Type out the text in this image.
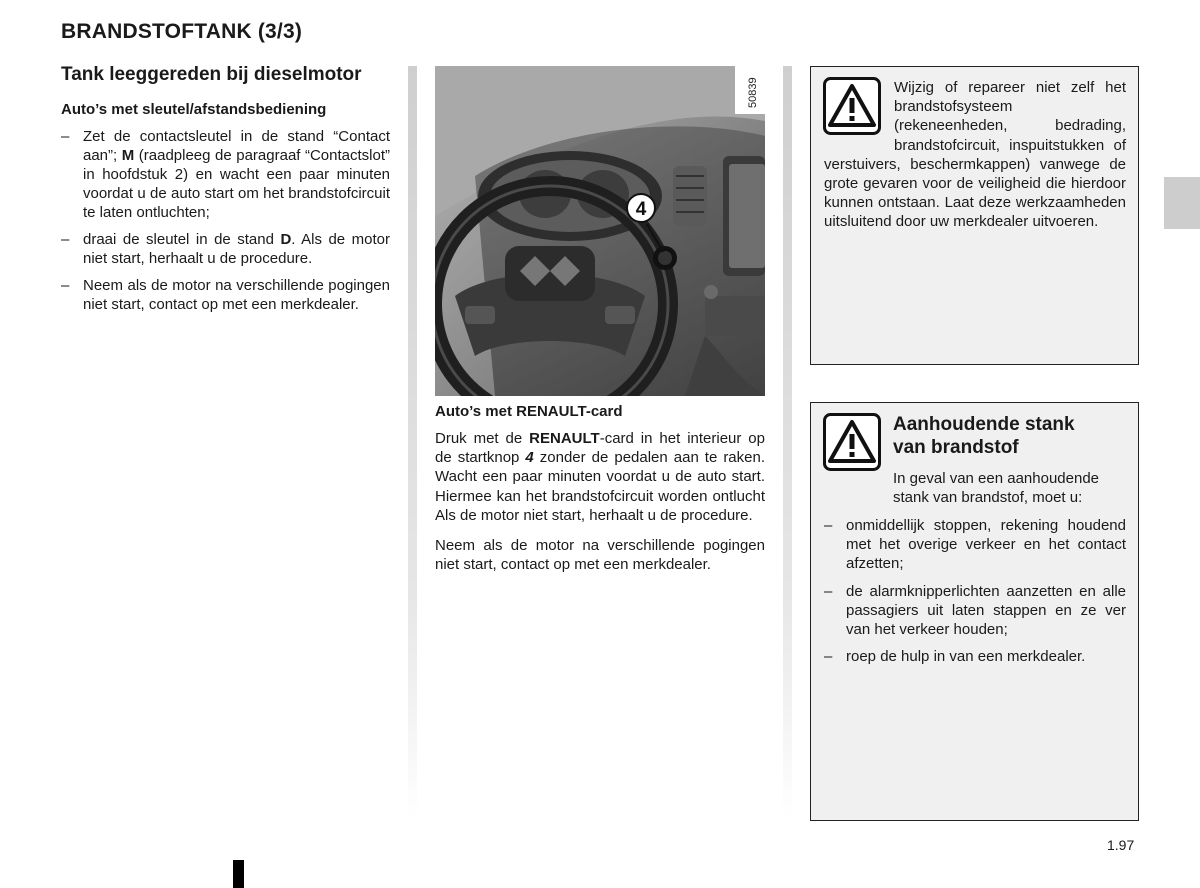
BRANDSTOFTANK (3/3)
Tank leeggereden bij dieselmotor
Auto’s met sleutel/afstandsbediening
– Zet de contactsleutel in de stand “Contact aan”; M (raadpleeg de paragraaf “Contactslot” in hoofdstuk 2) en wacht een paar minuten voordat u de auto start om het brandstofcircuit te laten ontluchten;
– draai de sleutel in de stand D. Als de motor niet start, herhaalt u de procedure.
– Neem als de motor na verschillende pogingen niet start, contact op met een merkdealer.
4
50839
Auto’s met RENAULT-card

Druk met de RENAULT-card in het interieur op de startknop 4 zonder de pedalen aan te raken. Wacht een paar minuten voordat u de auto start. Hiermee kan het brandstofcircuit worden ontlucht Als de motor niet start, herhaalt u de procedure.

Neem als de motor na verschillende pogingen niet start, contact op met een merkdealer.

Wijzig of repareer niet zelf het brandstofsysteem (rekeneenheden, bedrading, brandstofcircuit, inspuitstukken of verstuivers, beschermkappen) vanwege de grote gevaren voor de veiligheid die hierdoor kunnen ontstaan. Laat deze werkzaamheden uitsluitend door uw merkdealer uitvoeren.
Aanhoudende stank van brandstof
In geval van een aanhoudende stank van brandstof, moet u:
– onmiddellijk stoppen, rekening houdend met het overige verkeer en het contact afzetten;
– de alarmknipperlichten aanzetten en alle passagiers uit laten stappen en ze ver van het verkeer houden;
– roep de hulp in van een merkdealer.
1.97
